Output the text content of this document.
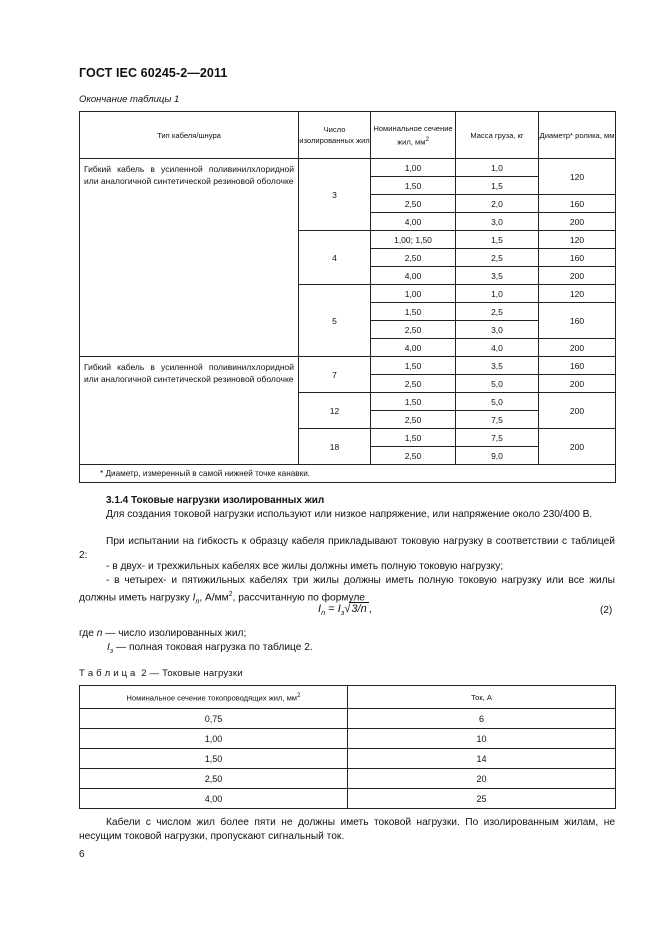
ГОСТ IEC 60245-2—2011
Окончание таблицы 1
Тип кабеля/шнура	Число изолированных жил	Номинальное сечение жил, $мм^2$	Масса груза, кг	Диаметр* ролика, мм
Гибкий кабель в усиленной поливинилхлоридной или аналогичной синтетической резиновой оболочке	3	1,00	1,0	120
		1,50	1,5	
		2,50	2,0	160
		4,00	3,0	200
	4	1,00; 1,50	1,5	120
		2,50	2,5	160
		4,00	3,5	200
	5	1,00	1,0	120
		1,50	2,5	160
		2,50	3,0	
		4,00	4,0	200
Гибкий кабель в усиленной поливинилхлоридной или аналогичной синтетической резиновой оболочке	7	1,50	3,5	160
		2,50	5,0	200
	12	1,50	5,0	200
		2,50	7,5	
	18	1,50	7,5	200
		2,50	9,0	
* Диаметр, измеренный в самой нижней точке канавки.				
3.1.4 Токовые нагрузки изолированных жил
Для создания токовой нагрузки используют или низкое напряжение, или напряжение около 230/400 В.
При испытании на гибкость к образцу кабеля прикладывают токовую нагрузку в соответствии с таблицей 2:
- в двух- и трехжильных кабелях все жилы должны иметь полную токовую нагрузку;
- в четырех- и пятижильных кабелях три жилы должны иметь полную токовую нагрузку или все жилы должны иметь нагрузку $I_n$, $А/мм^2$, рассчитанную по формуле
$I_n = I_з√3/n$ ,	(2)
где n — число изолированных жил;
$I_з$ — полная токовая нагрузка по таблице 2.
Т а б л и ц а  2 — Токовые нагрузки
Номинальное сечение токопроводящих жил, $мм^2$	Ток, А
0,75	6
1,00	10
1,50	14
2,50	20
4,00	25
Кабели с числом жил более пяти не должны иметь токовой нагрузки. По изолированным жилам, не несущим токовой нагрузки, пропускают сигнальный ток.
6
